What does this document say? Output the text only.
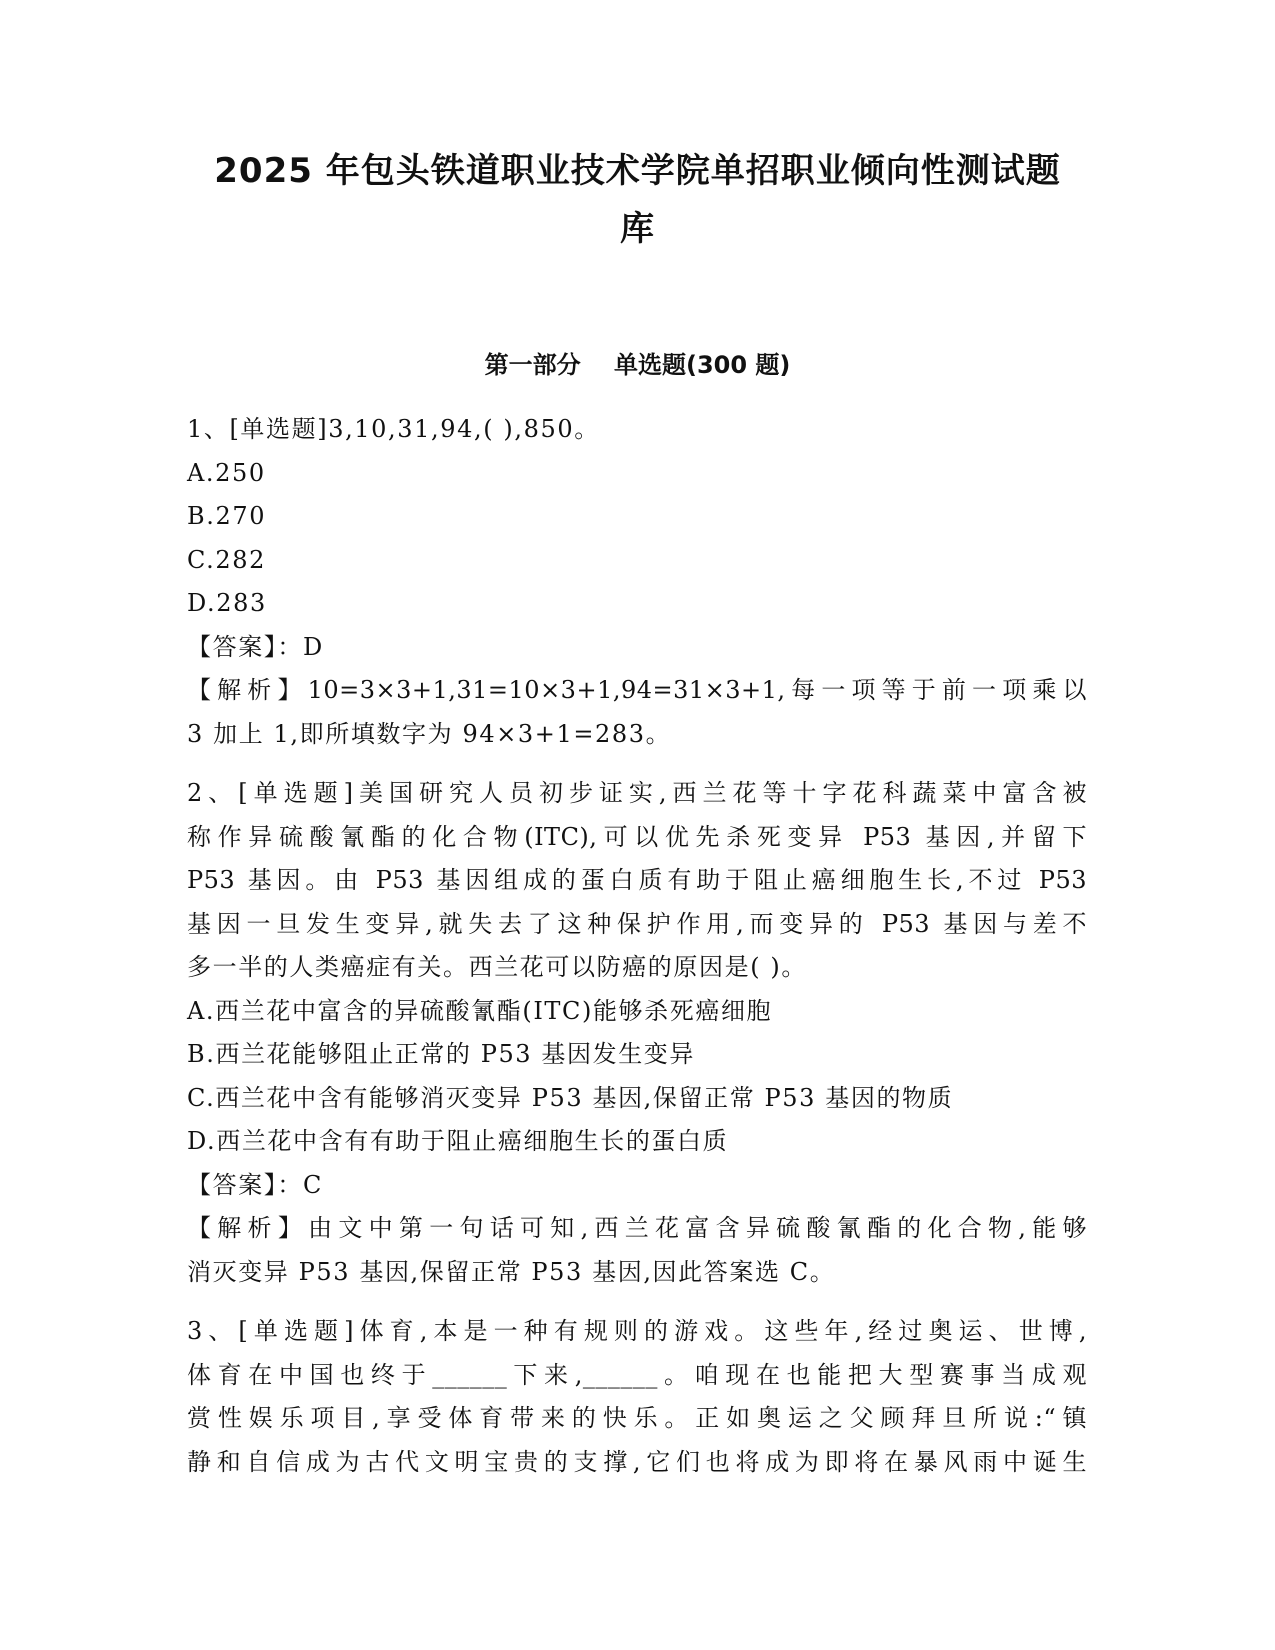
2025 年包头铁道职业技术学院单招职业倾向性测试题
库
第一部分    单选题(300 题)
1、[单选题]3,10,31,94,( ),850。
A.250
B.270
C.282
D.283
【答案】：D
【解析】10=3×3+1,31=10×3+1,94=31×3+1,每一项等于前一项乘以
3 加上 1,即所填数字为 94×3+1=283。
2、[单选题]美国研究人员初步证实,西兰花等十字花科蔬菜中富含被
称作异硫酸氰酯的化合物(ITC),可以优先杀死变异 P53 基因,并留下
P53 基因。由 P53 基因组成的蛋白质有助于阻止癌细胞生长,不过 P53
基因一旦发生变异,就失去了这种保护作用,而变异的 P53 基因与差不
多一半的人类癌症有关。西兰花可以防癌的原因是( )。
A.西兰花中富含的异硫酸氰酯(ITC)能够杀死癌细胞
B.西兰花能够阻止正常的 P53 基因发生变异
C.西兰花中含有能够消灭变异 P53 基因,保留正常 P53 基因的物质
D.西兰花中含有有助于阻止癌细胞生长的蛋白质
【答案】：C
【解析】由文中第一句话可知,西兰花富含异硫酸氰酯的化合物,能够
消灭变异 P53 基因,保留正常 P53 基因,因此答案选 C。
3、[单选题]体育,本是一种有规则的游戏。这些年,经过奥运、世博,
体育在中国也终于______下来,______。咱现在也能把大型赛事当成观
赏性娱乐项目,享受体育带来的快乐。正如奥运之父顾拜旦所说:“镇
静和自信成为古代文明宝贵的支撑,它们也将成为即将在暴风雨中诞生
